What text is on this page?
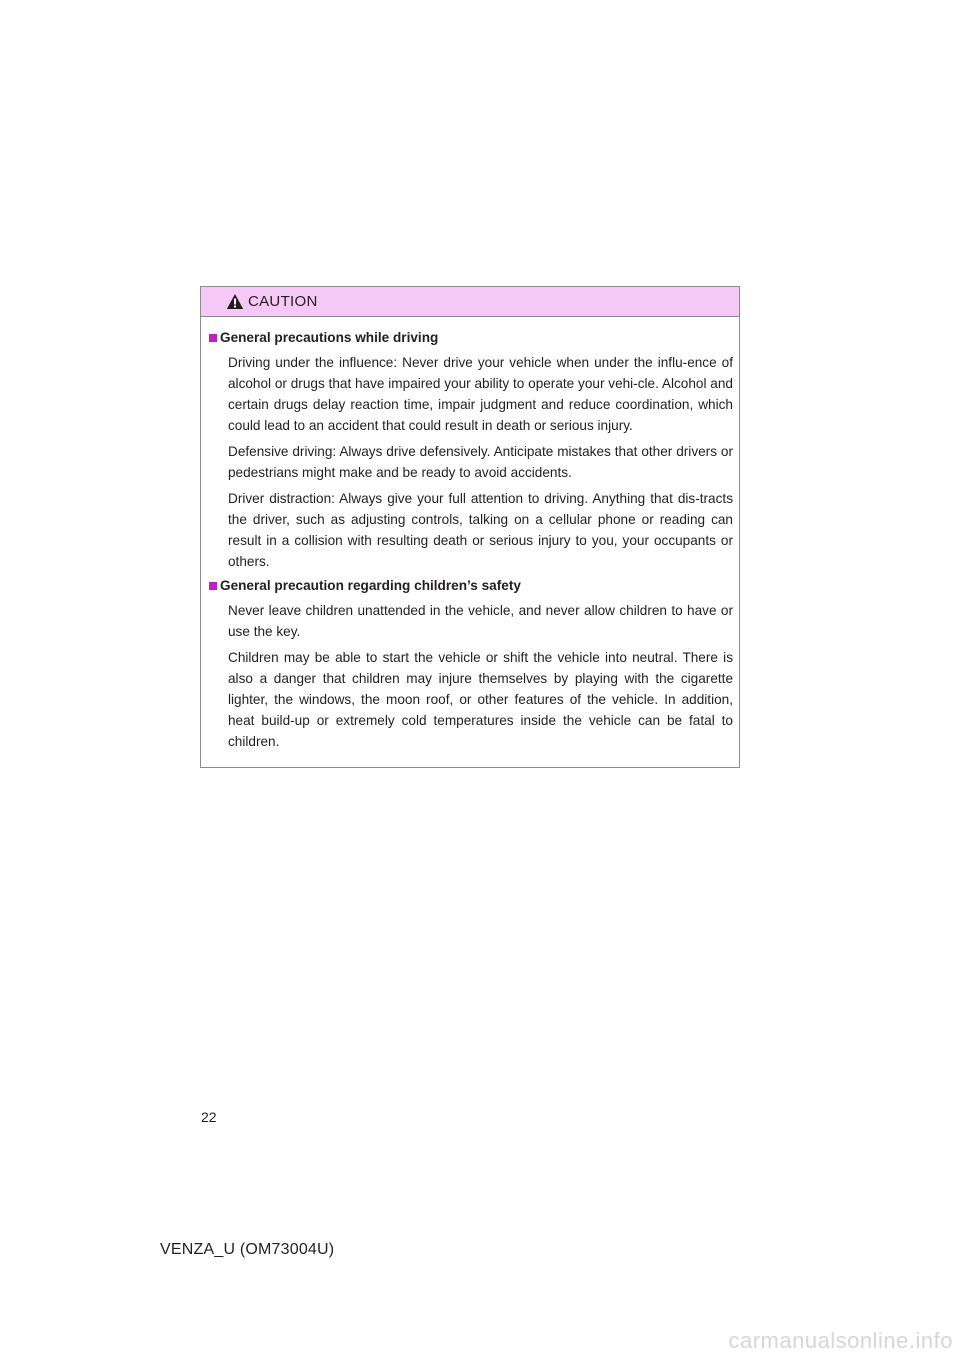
CAUTION
General precautions while driving

Driving under the influence: Never drive your vehicle when under the influ-ence of alcohol or drugs that have impaired your ability to operate your vehi-cle. Alcohol and certain drugs delay reaction time, impair judgment and reduce coordination, which could lead to an accident that could result in death or serious injury.

Defensive driving: Always drive defensively. Anticipate mistakes that other drivers or pedestrians might make and be ready to avoid accidents.

Driver distraction: Always give your full attention to driving. Anything that dis-tracts the driver, such as adjusting controls, talking on a cellular phone or reading can result in a collision with resulting death or serious injury to you, your occupants or others.

General precaution regarding children’s safety

Never leave children unattended in the vehicle, and never allow children to have or use the key.

Children may be able to start the vehicle or shift the vehicle into neutral. There is also a danger that children may injure themselves by playing with the cigarette lighter, the windows, the moon roof, or other features of the vehicle. In addition, heat build-up or extremely cold temperatures inside the vehicle can be fatal to children.

22
VENZA_U (OM73004U)
carmanualsonline.info
